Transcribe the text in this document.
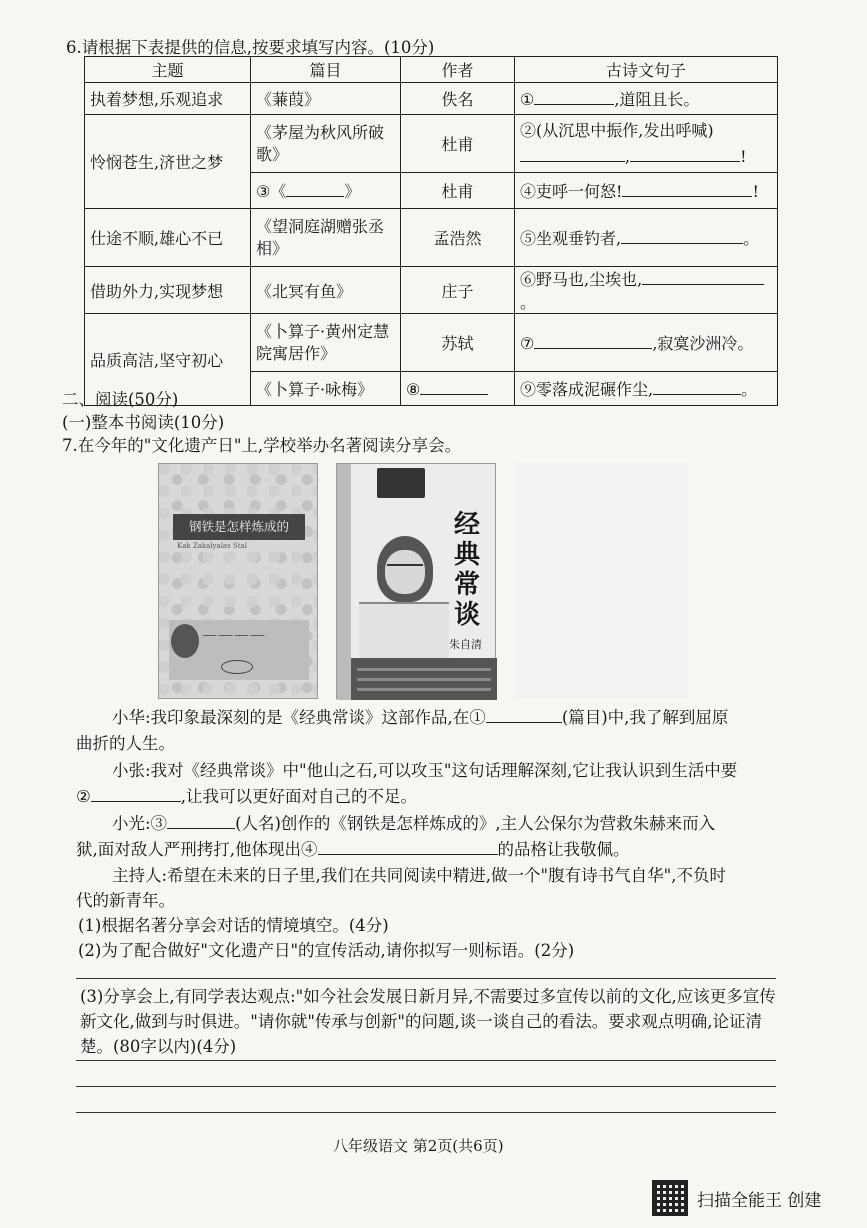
6.请根据下表提供的信息,按要求填写内容。(10分)
主题	篇目	作者	古诗文句子
执着梦想,乐观追求	《蒹葭》	佚名	① ,道阻且长。
怜悯苍生,济世之梦	《茅屋为秋风所破歌》	杜甫	②(从沉思中振作,发出呼喊)
, !

	③《 》	杜甫	④吏呼一何怒! !
仕途不顺,雄心不已	《望洞庭湖赠张丞相》	孟浩然	⑤坐观垂钓者, 。
借助外力,实现梦想	《北冥有鱼》	庄子	⑥野马也,尘埃也,。
品质高洁,坚守初心	《卜算子·黄州定慧院寓居作》	苏轼	⑦ ,寂寞沙洲冷。
	《卜算子·咏梅》	⑧	⑨零落成泥碾作尘, 。
二、阅读(50分)
(一)整本书阅读(10分)
7.在今年的"文化遗产日"上,学校举办名著阅读分享会。
钢铁是怎样炼成的
Kak Zakalyalas Stal
─── ─── ─── ───
经典常谈
朱自清
小华:我印象最深刻的是《经典常谈》这部作品,在①	(篇目)中,我了解到屈原
曲折的人生。
小张:我对《经典常谈》中"他山之石,可以攻玉"这句话理解深刻,它让我认识到生活中要
②	,让我可以更好面对自己的不足。
小光:③	(人名)创作的《钢铁是怎样炼成的》,主人公保尔为营救朱赫来而入
狱,面对敌人严刑拷打,他体现出④	的品格让我敬佩。
主持人:希望在未来的日子里,我们在共同阅读中精进,做一个"腹有诗书气自华",不负时
代的新青年。
(1)根据名著分享会对话的情境填空。(4分)
(2)为了配合做好"文化遗产日"的宣传活动,请你拟写一则标语。(2分)
(3)分享会上,有同学表达观点:"如今社会发展日新月异,不需要过多宣传以前的文化,应该更多宣传新文化,做到与时俱进。"请你就"传承与创新"的问题,谈一谈自己的看法。要求观点明确,论证清楚。(80字以内)(4分)
八年级语文 第2页(共6页)
扫描全能王 创建
